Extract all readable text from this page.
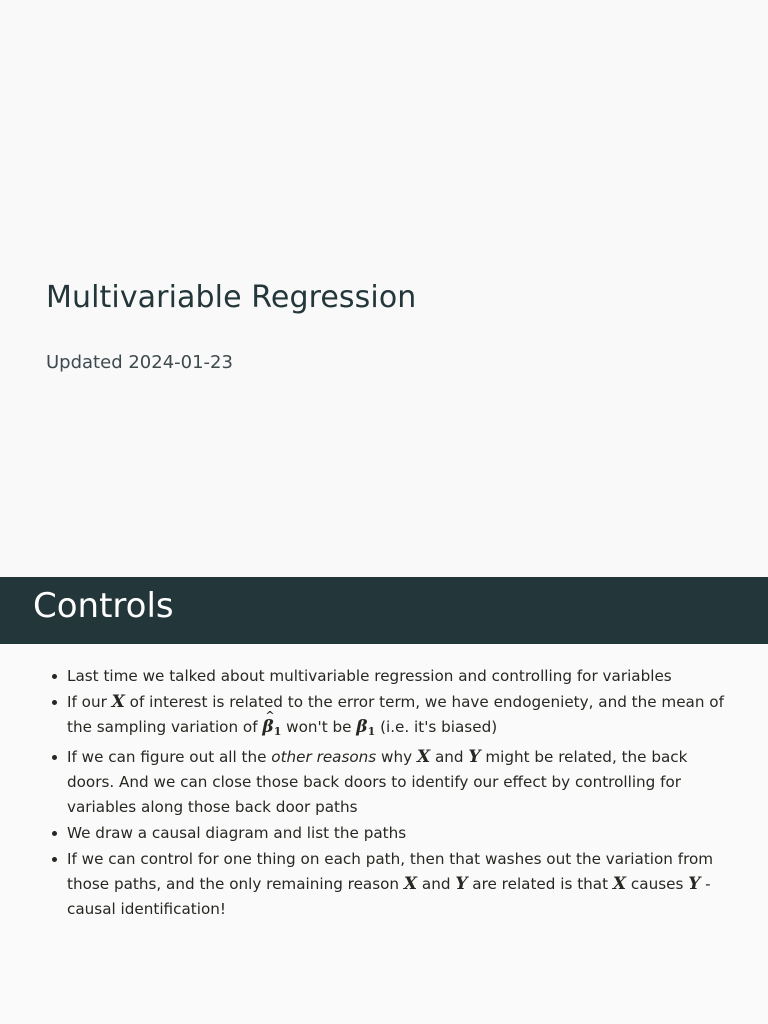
Multivariable Regression

Updated 2024-01-23

Controls
Last time we talked about multivariable regression and controlling for variables
If our X of interest is related to the error term, we have endogeniety, and the mean of the sampling variation of β ^1 won't be β1 (i.e. it's biased)
If we can figure out all the other reasons why X and Y might be related, the back doors. And we can close those back doors to identify our effect by controlling for variables along those back door paths
We draw a causal diagram and list the paths
If we can control for one thing on each path, then that washes out the variation from those paths, and the only remaining reason X and Y are related is that X causes Y - causal identification!
